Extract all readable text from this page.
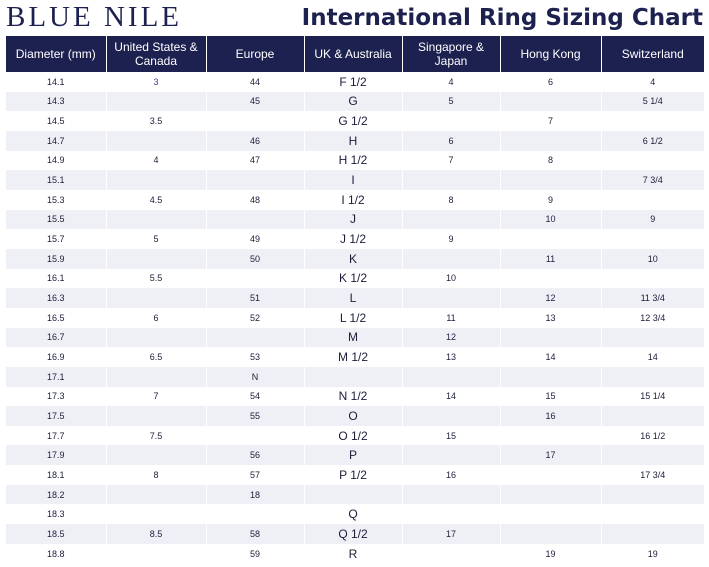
BLUE NILE	International Ring Sizing Chart
Diameter (mm)	United States & Canada	Europe	UK & Australia	Singapore & Japan	Hong Kong	Switzerland
14.1	3	44	F 1/2	4	6	4
14.3		45	G	5		5 1/4
14.5	3.5		G 1/2		7	
14.7		46	H	6		6 1/2
14.9	4	47	H 1/2	7	8	
15.1			I			7 3/4
15.3	4.5	48	I 1/2	8	9	
15.5			J		10	9
15.7	5	49	J 1/2	9		
15.9		50	K		11	10
16.1	5.5		K 1/2	10		
16.3		51	L		12	11 3/4
16.5	6	52	L 1/2	11	13	12 3/4
16.7			M	12		
16.9	6.5	53	M 1/2	13	14	14
17.1		N				
17.3	7	54	N 1/2	14	15	15 1/4
17.5		55	O		16	
17.7	7.5		O 1/2	15		16 1/2
17.9		56	P		17	
18.1	8	57	P 1/2	16		17 3/4
18.2		18				
18.3			Q			
18.5	8.5	58	Q 1/2	17		
18.8		59	R		19	19
